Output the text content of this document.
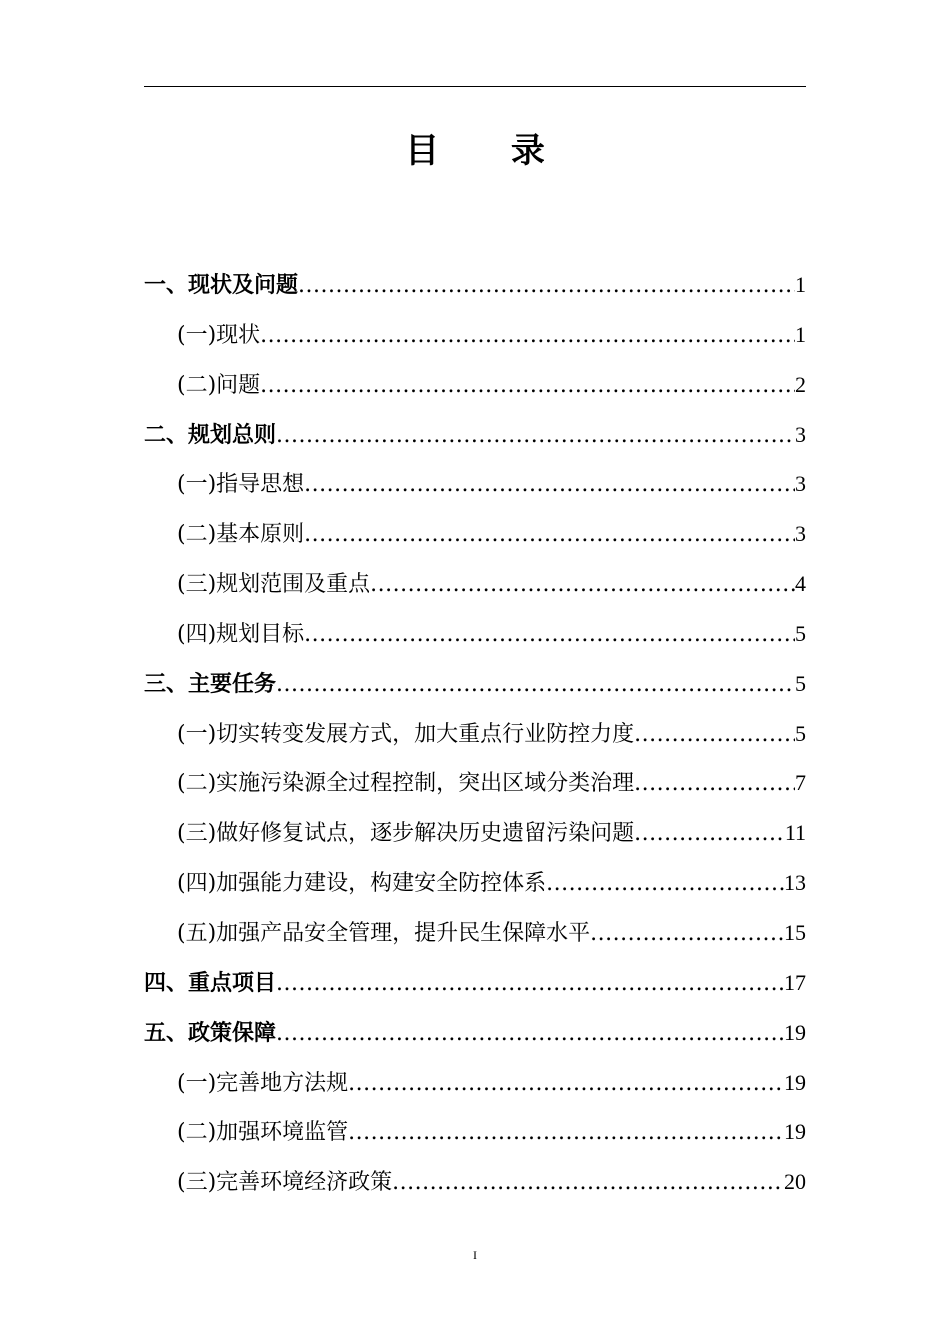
目 录
一、现状及问题 .....	1
(一)现状 .....	1
(二)问题 .....	2
二、规划总则 .....	3
(一)指导思想 .....	3
(二)基本原则 .....	3
(三)规划范围及重点 .....	4
(四)规划目标 .....	5
三、主要任务 .....	5
(一)切实转变发展方式，加大重点行业防控力度 .....	5
(二)实施污染源全过程控制，突出区域分类治理 .....	7
(三)做好修复试点，逐步解决历史遗留污染问题 .....	11
(四)加强能力建设，构建安全防控体系 .....	13
(五)加强产品安全管理，提升民生保障水平 .....	15
四、重点项目 .....	17
五、政策保障 .....	19
(一)完善地方法规 .....	19
(二)加强环境监管 .....	19
(三)完善环境经济政策 .....	20
I
